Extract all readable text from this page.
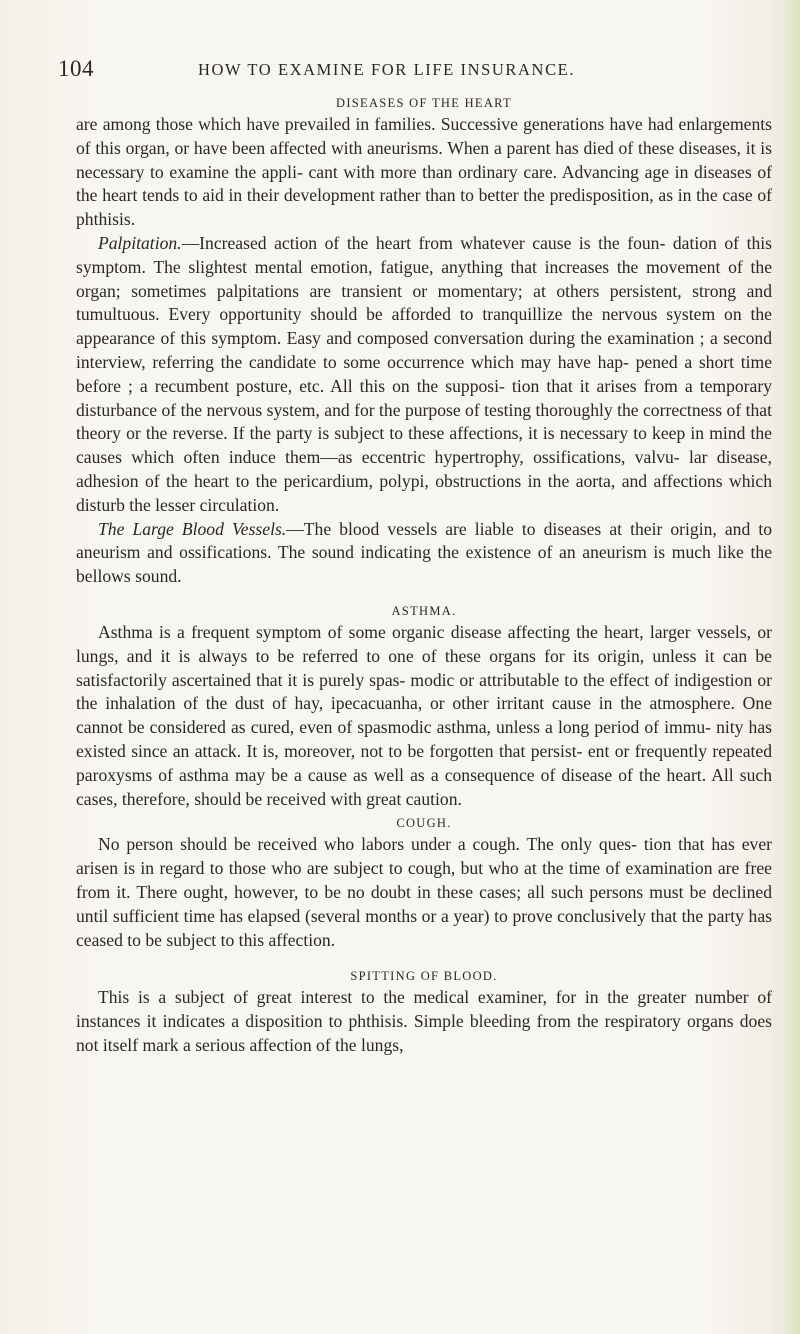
104	HOW TO EXAMINE FOR LIFE INSURANCE.
DISEASES OF THE HEART

are among those which have prevailed in families. Successive generations have had enlargements of this organ, or have been affected with aneurisms. When a parent has died of these diseases, it is necessary to examine the appli- cant with more than ordinary care. Advancing age in diseases of the heart tends to aid in their development rather than to better the predisposition, as in the case of phthisis.

Palpitation.—Increased action of the heart from whatever cause is the foun- dation of this symptom. The slightest mental emotion, fatigue, anything that increases the movement of the organ; sometimes palpitations are transient or momentary; at others persistent, strong and tumultuous. Every opportunity should be afforded to tranquillize the nervous system on the appearance of this symptom. Easy and composed conversation during the examination ; a second interview, referring the candidate to some occurrence which may have hap- pened a short time before ; a recumbent posture, etc. All this on the supposi- tion that it arises from a temporary disturbance of the nervous system, and for the purpose of testing thoroughly the correctness of that theory or the reverse. If the party is subject to these affections, it is necessary to keep in mind the causes which often induce them—as eccentric hypertrophy, ossifications, valvu- lar disease, adhesion of the heart to the pericardium, polypi, obstructions in the aorta, and affections which disturb the lesser circulation.

The Large Blood Vessels.—The blood vessels are liable to diseases at their origin, and to aneurism and ossifications. The sound indicating the existence of an aneurism is much like the bellows sound.

ASTHMA.

Asthma is a frequent symptom of some organic disease affecting the heart, larger vessels, or lungs, and it is always to be referred to one of these organs for its origin, unless it can be satisfactorily ascertained that it is purely spas- modic or attributable to the effect of indigestion or the inhalation of the dust of hay, ipecacuanha, or other irritant cause in the atmosphere. One cannot be considered as cured, even of spasmodic asthma, unless a long period of immu- nity has existed since an attack. It is, moreover, not to be forgotten that persist- ent or frequently repeated paroxysms of asthma may be a cause as well as a consequence of disease of the heart. All such cases, therefore, should be received with great caution.

COUGH.

No person should be received who labors under a cough. The only ques- tion that has ever arisen is in regard to those who are subject to cough, but who at the time of examination are free from it. There ought, however, to be no doubt in these cases; all such persons must be declined until sufficient time has elapsed (several months or a year) to prove conclusively that the party has ceased to be subject to this affection.

SPITTING OF BLOOD.

This is a subject of great interest to the medical examiner, for in the greater number of instances it indicates a disposition to phthisis. Simple bleeding from the respiratory organs does not itself mark a serious affection of the lungs,
